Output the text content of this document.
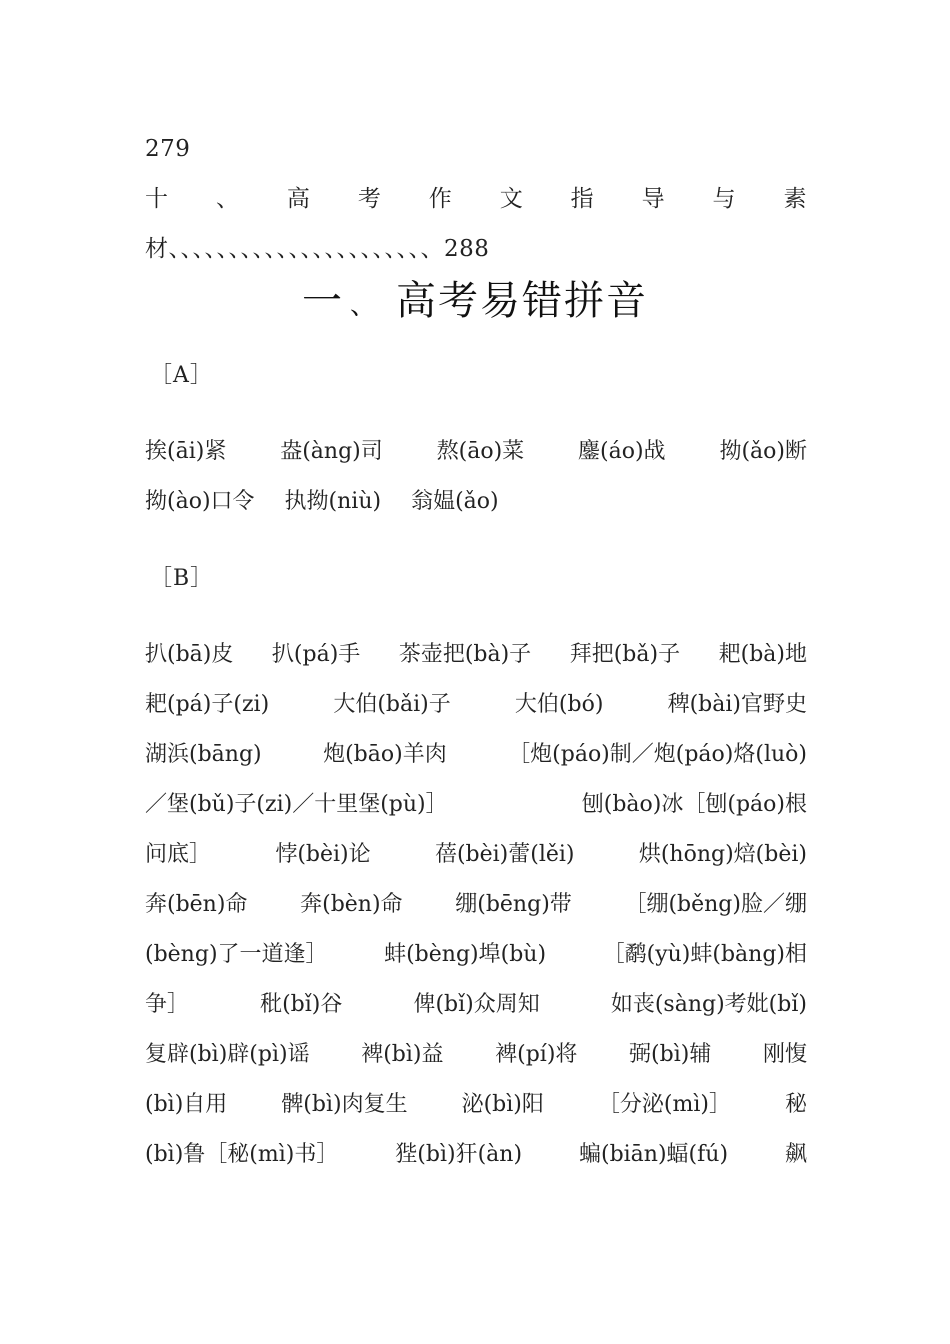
279
十 、 高 考 作 文 指 导 与 素
材、、、、、、、、、、、、、、、、、、、、、、288
一 、 高考易错拼音
［A］
挨(āi)紧 盎(àng)司 熬(āo)菜 鏖(áo)战 拗(ǎo)断
拗(ào)口令 执拗(niù) 翁媪(ǎo)
［B］
扒(bā)皮 扒(pá)手 茶壶把(bà)子 拜把(bǎ)子 耙(bà)地
耙(pá)子(zi)	大伯(bǎi)子	大伯(bó)	稗(bài)官野史
湖浜(bāng)	炮(bāo)羊肉	［炮(páo)制／炮(páo)烙(luò)
／堡(bǔ)子(zi)／十里堡(pù)］	刨(bào)冰［刨(páo)根
问底］	悖(bèi)论	蓓(bèi)蕾(lěi)	烘(hōng)焙(bèi)
奔(bēn)命 奔(bèn)命 绷(bēng)带 ［绷(běng)脸／绷
(bèng)了一道逢］	蚌(bèng)埠(bù)	［鹬(yù)蚌(bàng)相
争］	秕(bǐ)谷	俾(bǐ)众周知	如丧(sàng)考妣(bǐ)
复辟(bì)辟(pì)谣 裨(bì)益 裨(pí)将 弼(bì)辅 刚愎
(bì)自用 髀(bì)肉复生 泌(bì)阳 ［分泌(mì)］ 秘
(bì)鲁［秘(mì)书］	狴(bì)犴(àn)	蝙(biān)蝠(fú)	飙
